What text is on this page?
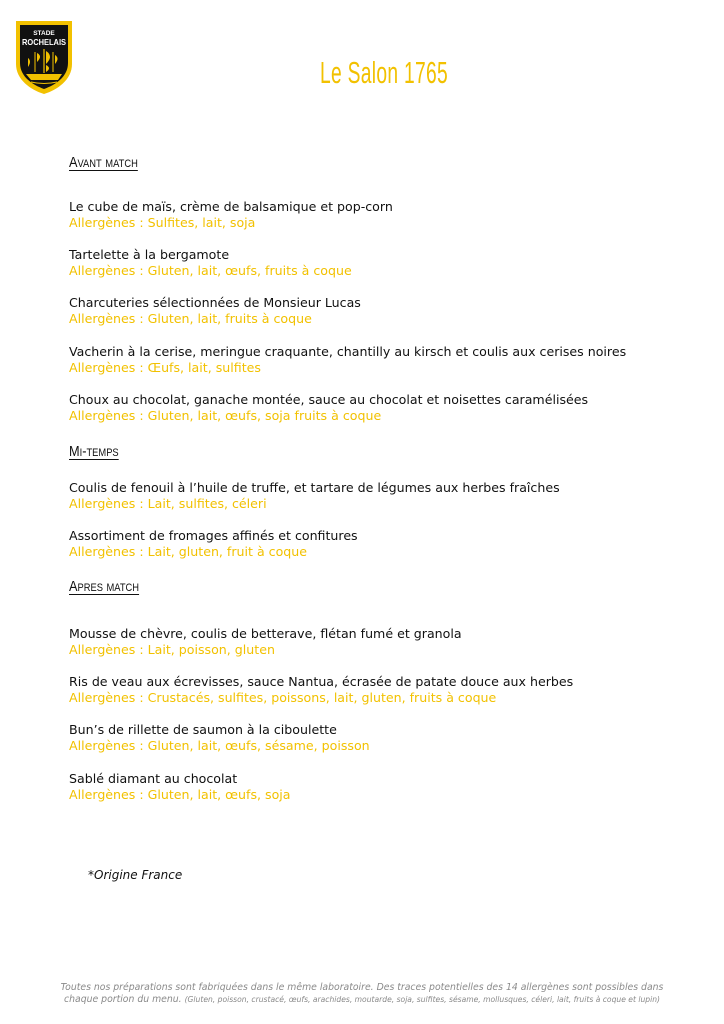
STADE
ROCHELAIS
Le Salon 1765
Avant match
Le cube de maïs, crème de balsamique et pop-corn
Allergènes : Sulfites, lait, soja
Tartelette à la bergamote
Allergènes : Gluten, lait, œufs, fruits à coque
Charcuteries sélectionnées de Monsieur Lucas
Allergènes : Gluten, lait, fruits à coque
Vacherin à la cerise, meringue craquante, chantilly au kirsch et coulis aux cerises noires
Allergènes : Œufs, lait, sulfites
Choux au chocolat, ganache montée, sauce au chocolat et noisettes caramélisées
Allergènes : Gluten, lait, œufs, soja fruits à coque
Mi-temps
Coulis de fenouil à l’huile de truffe, et tartare de légumes aux herbes fraîches
Allergènes : Lait, sulfites, céleri
Assortiment de fromages affinés et confitures
Allergènes : Lait, gluten, fruit à coque
Apres match
Mousse de chèvre, coulis de betterave, flétan fumé et granola
Allergènes : Lait, poisson, gluten
Ris de veau aux écrevisses, sauce Nantua, écrasée de patate douce aux herbes
Allergènes : Crustacés, sulfites, poissons, lait, gluten, fruits à coque
Bun’s de rillette de saumon à la ciboulette
Allergènes : Gluten, lait, œufs, sésame, poisson
Sablé diamant au chocolat
Allergènes : Gluten, lait, œufs, soja
*Origine France
Toutes nos préparations sont fabriquées dans le même laboratoire. Des traces potentielles des 14 allergènes sont possibles dans
chaque portion du menu. (Gluten, poisson, crustacé, œufs, arachides, moutarde, soja, sulfites, sésame, mollusques, céleri, lait, fruits à coque et lupin)
